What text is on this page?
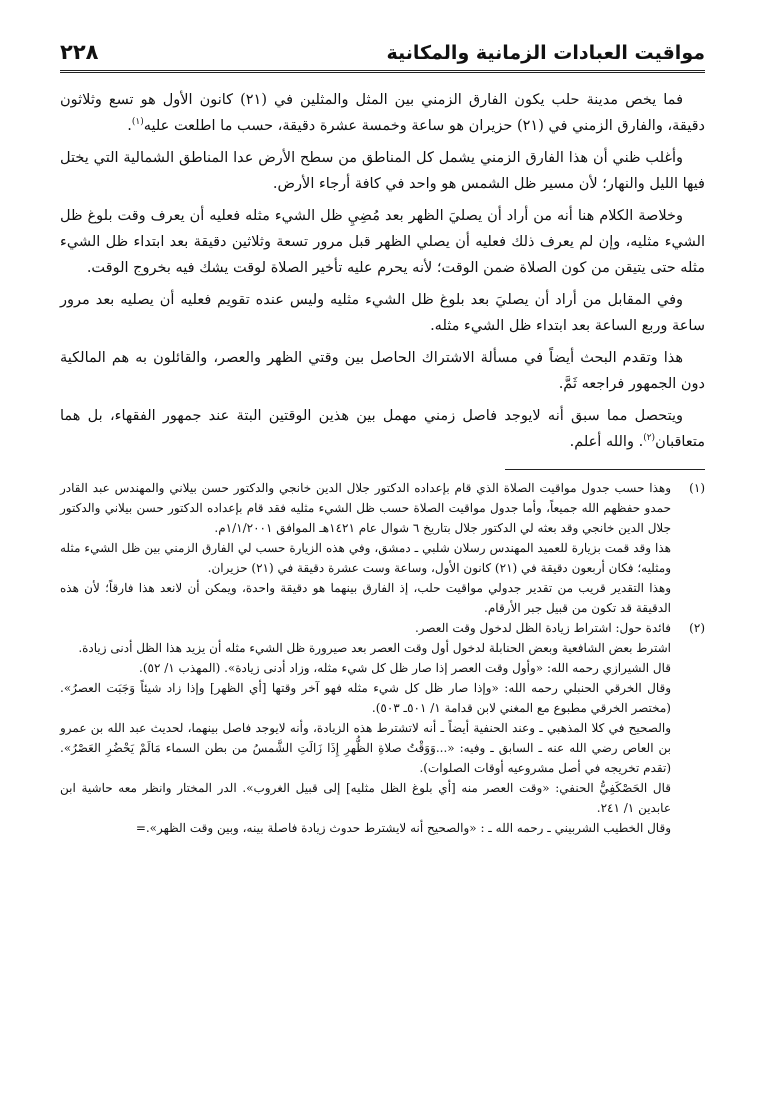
مواقيت العبادات الزمانية والمكانية
٢٢٨

فما يخص مدينة حلب يكون الفارق الزمني بين المثل والمثلين في (٢١) كانون الأول هو تسع وثلاثون دقيقة، والفارق الزمني في (٢١) حزيران هو ساعة وخمسة عشرة دقيقة، حسب ما اطلعت عليه$^{(١)}$.

وأغلب ظني أن هذا الفارق الزمني يشمل كل المناطق من سطح الأرض عدا المناطق الشمالية التي يختل فيها الليل والنهار؛ لأن مسير ظل الشمس هو واحد في كافة أرجاء الأرض.

وخلاصة الكلام هنا أنه من أراد أن يصليَ الظهر بعد مُضِيِ ظل الشيء مثله فعليه أن يعرف وقت بلوغ ظل الشيء مثليه، وإن لم يعرف ذلك فعليه أن يصلي الظهر قبل مرور تسعة وثلاثين دقيقة بعد ابتداء ظل الشيء مثله حتى يتيقن من كون الصلاة ضمن الوقت؛ لأنه يحرم عليه تأخير الصلاة لوقت يشك فيه بخروج الوقت.

وفي المقابل من أراد أن يصليَ بعد بلوغ ظل الشيء مثليه وليس عنده تقويم فعليه أن يصليه بعد مرور ساعة وربع الساعة بعد ابتداء ظل الشيء مثله.

هذا وتقدم البحث أيضاً في مسألة الاشتراك الحاصل بين وقتي الظهر والعصر، والقائلون به هم المالكية دون الجمهور فراجعه ثَمَّ.

ويتحصل مما سبق أنه لايوجد فاصل زمني مهمل بين هذين الوقتين البتة عند جمهور الفقهاء، بل هما متعاقبان$^{(٢)}$. والله أعلم.

(١)

وهذا حسب جدول مواقيت الصلاة الذي قام بإعداده الدكتور جلال الدين خانجي والدكتور حسن بيلاني والمهندس عبد القادر حمدو حفظهم الله جميعاً، وأما جدول مواقيت الصلاة حسب ظل الشيء مثليه فقد قام بإعداده الدكتور حسن بيلاني والدكتور جلال الدين خانجي وقد بعثه لي الدكتور جلال بتاريخ ٦ شوال عام ١٤٢١هـ الموافق ١/١/٢٠٠١م.

هذا وقد قمت بزيارة للعميد المهندس رسلان شلبي ـ دمشق، وفي هذه الزيارة حسب لي الفارق الزمني بين ظل الشيء مثله ومثليه؛ فكان أربعون دقيقة في (٢١) كانون الأول، وساعة وست عشرة دقيقة في (٢١) حزيران.

وهذا التقدير قريب من تقدير جدولي مواقيت حلب، إذ الفارق بينهما هو دقيقة واحدة، ويمكن أن لانعد هذا فارقاً؛ لأن هذه الدقيقة قد تكون من قبيل جبر الأرقام.

(٢)

فائدة حول: اشتراط زيادة الظل لدخول وقت العصر.

اشترط بعض الشافعية وبعض الحنابلة لدخول أول وقت العصر بعد صيرورة ظل الشيء مثله أن يزيد هذا الظل أدنى زيادة.

قال الشيرازي رحمه الله: «وأول وقت العصر إذا صار ظل كل شيء مثله، وزاد أدنى زيادة». (المهذب ١/ ٥٢).

وقال الخرقي الحنبلي رحمه الله: «وإذا صار ظل كل شيء مثله فهو آخر وقتها [أي الظهر] وإذا زاد شيئاً وَجَبَت العصرُ». (مختصر الخرقي مطبوع مع المغني لابن قدامة ١/ ٥٠١ـ ٥٠٣).

والصحيح في كلا المذهبي ـ وعند الحنفية أيضاً ـ أنه لاتشترط هذه الزيادة، وأنه لايوجد فاصل بينهما، لحديث عبد الله بن عمرو بن العاص رضي الله عنه ـ السابق ـ وفيه: «...وَوَقْتُ صلاةِ الظُّهرِ إِذَا زَالَتِ الشَّمسُ من بطن السماء مَالَمْ يَحْضُرِ العَصْرُ». (تقدم تخريجه في أصل مشروعيه أوقات الصلوات).

قال الحَصْكَفِيُّ الحنفي: «وقت العصر منه [أي بلوغ الظل مثليه] إلى قبيل الغروب». الدر المختار وانظر معه حاشية ابن عابدين ١/ ٢٤١.

وقال الخطيب الشربيني ـ رحمه الله ـ : «والصحيح أنه لايشترط حدوث زيادة فاصلة بينه، وبين وقت الظهر».=
